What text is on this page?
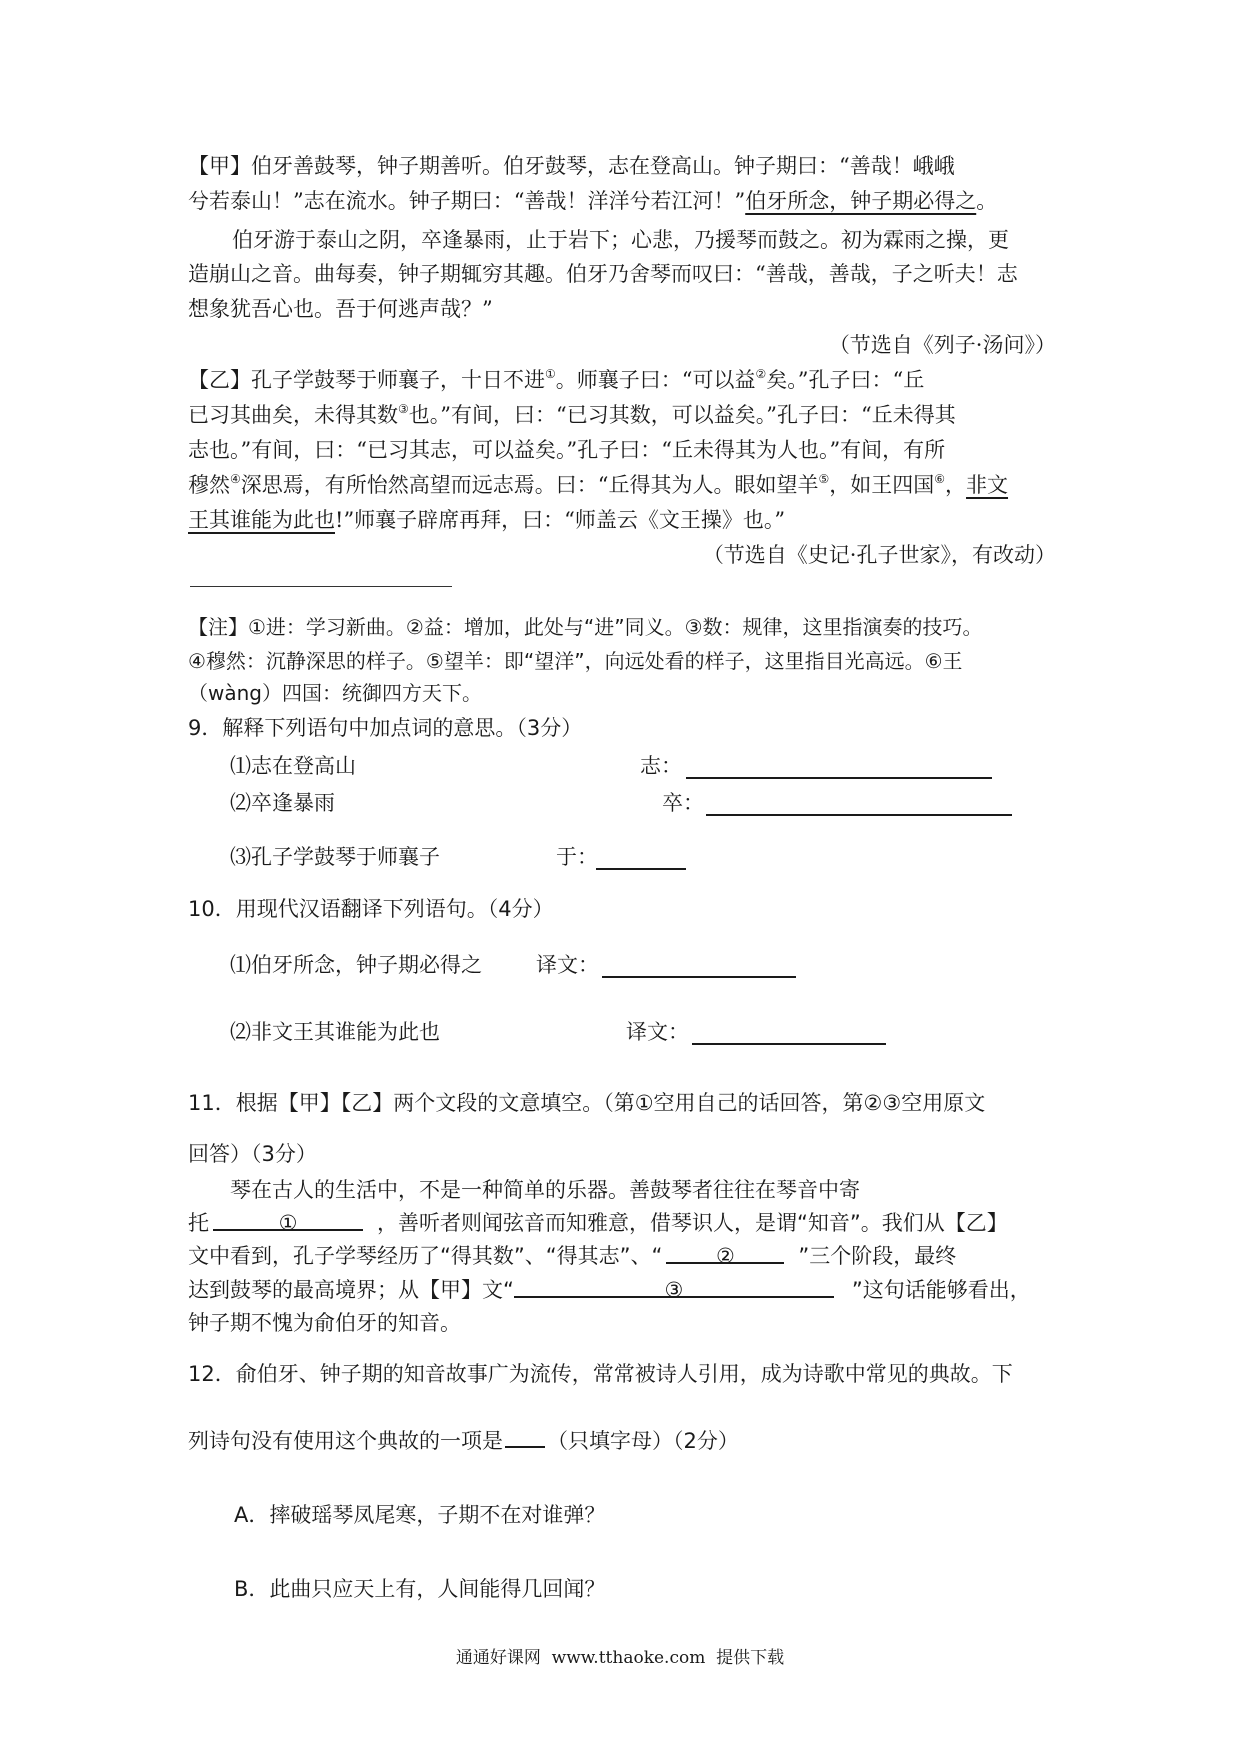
【甲】伯牙善鼓琴，钟子期善听。伯牙鼓琴，志在登高山。钟子期曰：“善哉！峨峨
兮若泰山！”志在流水。钟子期曰：“善哉！洋洋兮若江河！”伯牙所念，钟子期必得之。
伯牙游于泰山之阴，卒逢暴雨，止于岩下；心悲，乃援琴而鼓之。初为霖雨之操，更
造崩山之音。曲每奏，钟子期辄穷其趣。伯牙乃舍琴而叹曰：“善哉，善哉，子之听夫！志
想象犹吾心也。吾于何逃声哉？”
（节选自《列子·汤问》）
【乙】孔子学鼓琴于师襄子，十日不进①。师襄子曰：“可以益②矣。”孔子曰：“丘
已习其曲矣，未得其数③也。”有间，曰：“已习其数，可以益矣。”孔子曰：“丘未得其
志也。”有间，曰：“已习其志，可以益矣。”孔子曰：“丘未得其为人也。”有间，有所
穆然④深思焉，有所怡然高望而远志焉。曰：“丘得其为人。眼如望羊⑤，如王四国⑥，非文
王其谁能为此也!”师襄子辟席再拜，曰：“师盖云《文王操》也。”
（节选自《史记·孔子世家》，有改动）
【注】①进：学习新曲。②益：增加，此处与“进”同义。③数：规律，这里指演奏的技巧。
④穆然：沉静深思的样子。⑤望羊：即“望洋”，向远处看的样子，这里指目光高远。⑥王
（wàng）四国：统御四方天下。
9．解释下列语句中加点词的意思。（3分）
⑴志在登高山	志：
⑵卒逢暴雨	卒：
⑶孔子学鼓琴于师襄子	于：
10．用现代汉语翻译下列语句。（4分）
⑴伯牙所念，钟子期必得之	译文：
⑵非文王其谁能为此也	译文：
11．根据【甲】【乙】两个文段的文意填空。（第①空用自己的话回答，第②③空用原文
回答）（3分）
琴在古人的生活中，不是一种简单的乐器。善鼓琴者往往在琴音中寄
托	①	，善听者则闻弦音而知雅意，借琴识人，是谓“知音”。我们从【乙】
文中看到，孔子学琴经历了“得其数”、“得其志”、“	②	”三个阶段，最终
达到鼓琴的最高境界；从【甲】文“	③	”这句话能够看出，
钟子期不愧为俞伯牙的知音。
12．俞伯牙、钟子期的知音故事广为流传，常常被诗人引用，成为诗歌中常见的典故。下
列诗句没有使用这个典故的一项是 （只填字母）（2分）
A．摔破瑶琴凤尾寒，子期不在对谁弹？
B．此曲只应天上有，人间能得几回闻？
通通好课网  www.tthaoke.com  提供下载
